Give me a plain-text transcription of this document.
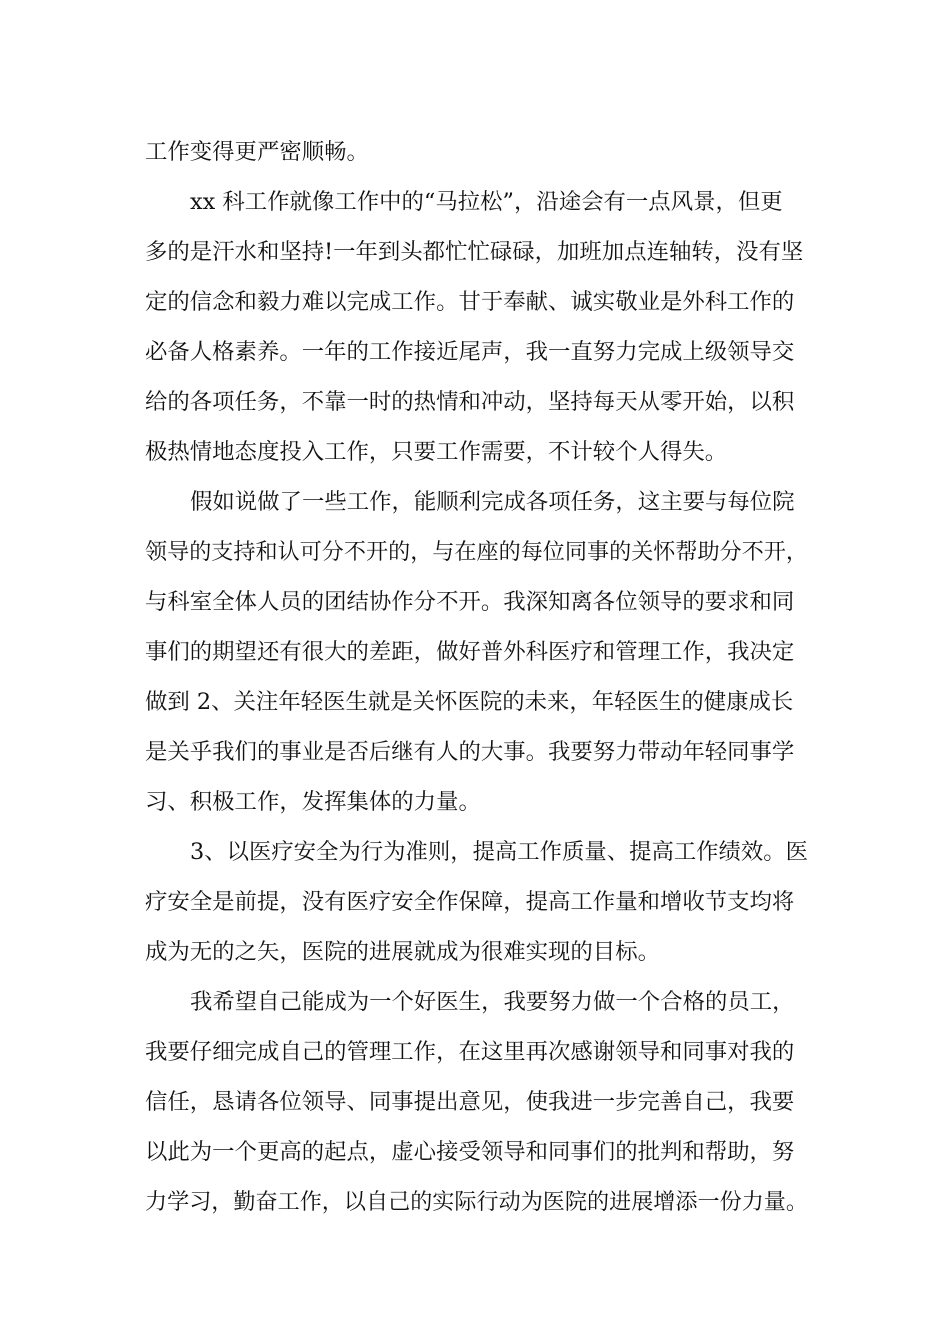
工作变得更严密顺畅。
xx 科工作就像工作中的“马拉松”，沿途会有一点风景，但更
多的是汗水和坚持!一年到头都忙忙碌碌，加班加点连轴转，没有坚
定的信念和毅力难以完成工作。甘于奉献、诚实敬业是外科工作的
必备人格素养。一年的工作接近尾声，我一直努力完成上级领导交
给的各项任务，不靠一时的热情和冲动，坚持每天从零开始，以积
极热情地态度投入工作，只要工作需要，不计较个人得失。
假如说做了一些工作，能顺利完成各项任务，这主要与每位院
领导的支持和认可分不开的，与在座的每位同事的关怀帮助分不开，
与科室全体人员的团结协作分不开。我深知离各位领导的要求和同
事们的期望还有很大的差距，做好普外科医疗和管理工作，我决定
做到 2、关注年轻医生就是关怀医院的未来，年轻医生的健康成长
是关乎我们的事业是否后继有人的大事。我要努力带动年轻同事学
习、积极工作，发挥集体的力量。
3、以医疗安全为行为准则，提高工作质量、提高工作绩效。医
疗安全是前提，没有医疗安全作保障，提高工作量和增收节支均将
成为无的之矢，医院的进展就成为很难实现的目标。
我希望自己能成为一个好医生，我要努力做一个合格的员工，
我要仔细完成自己的管理工作，在这里再次感谢领导和同事对我的
信任，恳请各位领导、同事提出意见，使我进一步完善自己，我要
以此为一个更高的起点，虚心接受领导和同事们的批判和帮助，努
力学习，勤奋工作，以自己的实际行动为医院的进展增添一份力量。
